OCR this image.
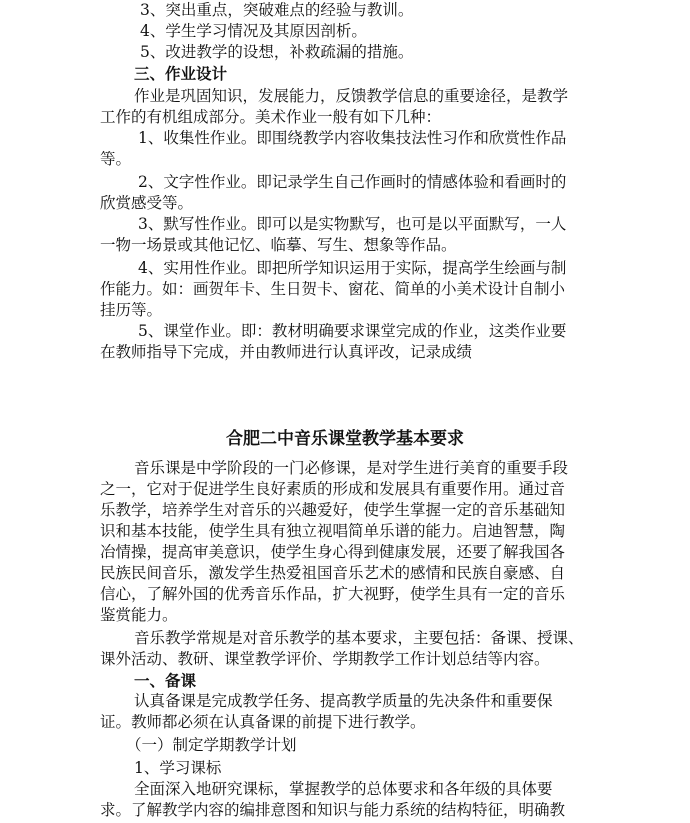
3、突出重点，突破难点的经验与教训。
4、学生学习情况及其原因剖析。
5、改进教学的设想，补救疏漏的措施。
三、作业设计
作业是巩固知识，发展能力，反馈教学信息的重要途径，是教学
工作的有机组成部分。美术作业一般有如下几种：
1、收集性作业。即围绕教学内容收集技法性习作和欣赏性作品
等。
2、文字性作业。即记录学生自己作画时的情感体验和看画时的
欣赏感受等。
3、默写性作业。即可以是实物默写，也可是以平面默写，一人
一物一场景或其他记忆、临摹、写生、想象等作品。
4、实用性作业。即把所学知识运用于实际，提高学生绘画与制
作能力。如：画贺年卡、生日贺卡、窗花、简单的小美术设计自制小
挂历等。
5、课堂作业。即：教材明确要求课堂完成的作业，这类作业要
在教师指导下完成，并由教师进行认真评改，记录成绩
合肥二中音乐课堂教学基本要求
音乐课是中学阶段的一门必修课，是对学生进行美育的重要手段
之一，它对于促进学生良好素质的形成和发展具有重要作用。通过音
乐教学，培养学生对音乐的兴趣爱好，使学生掌握一定的音乐基础知
识和基本技能，使学生具有独立视唱简单乐谱的能力。启迪智慧，陶
冶情操，提高审美意识，使学生身心得到健康发展，还要了解我国各
民族民间音乐，激发学生热爱祖国音乐艺术的感情和民族自豪感、自
信心，了解外国的优秀音乐作品，扩大视野，使学生具有一定的音乐
鉴赏能力。
音乐教学常规是对音乐教学的基本要求，主要包括：备课、授课、
课外活动、教研、课堂教学评价、学期教学工作计划总结等内容。
一、备课
认真备课是完成教学任务、提高教学质量的先决条件和重要保
证。教师都必须在认真备课的前提下进行教学。
（一）制定学期教学计划
1、学习课标
全面深入地研究课标，掌握教学的总体要求和各年级的具体要
求。了解教学内容的编排意图和知识与能力系统的结构特征，明确教
